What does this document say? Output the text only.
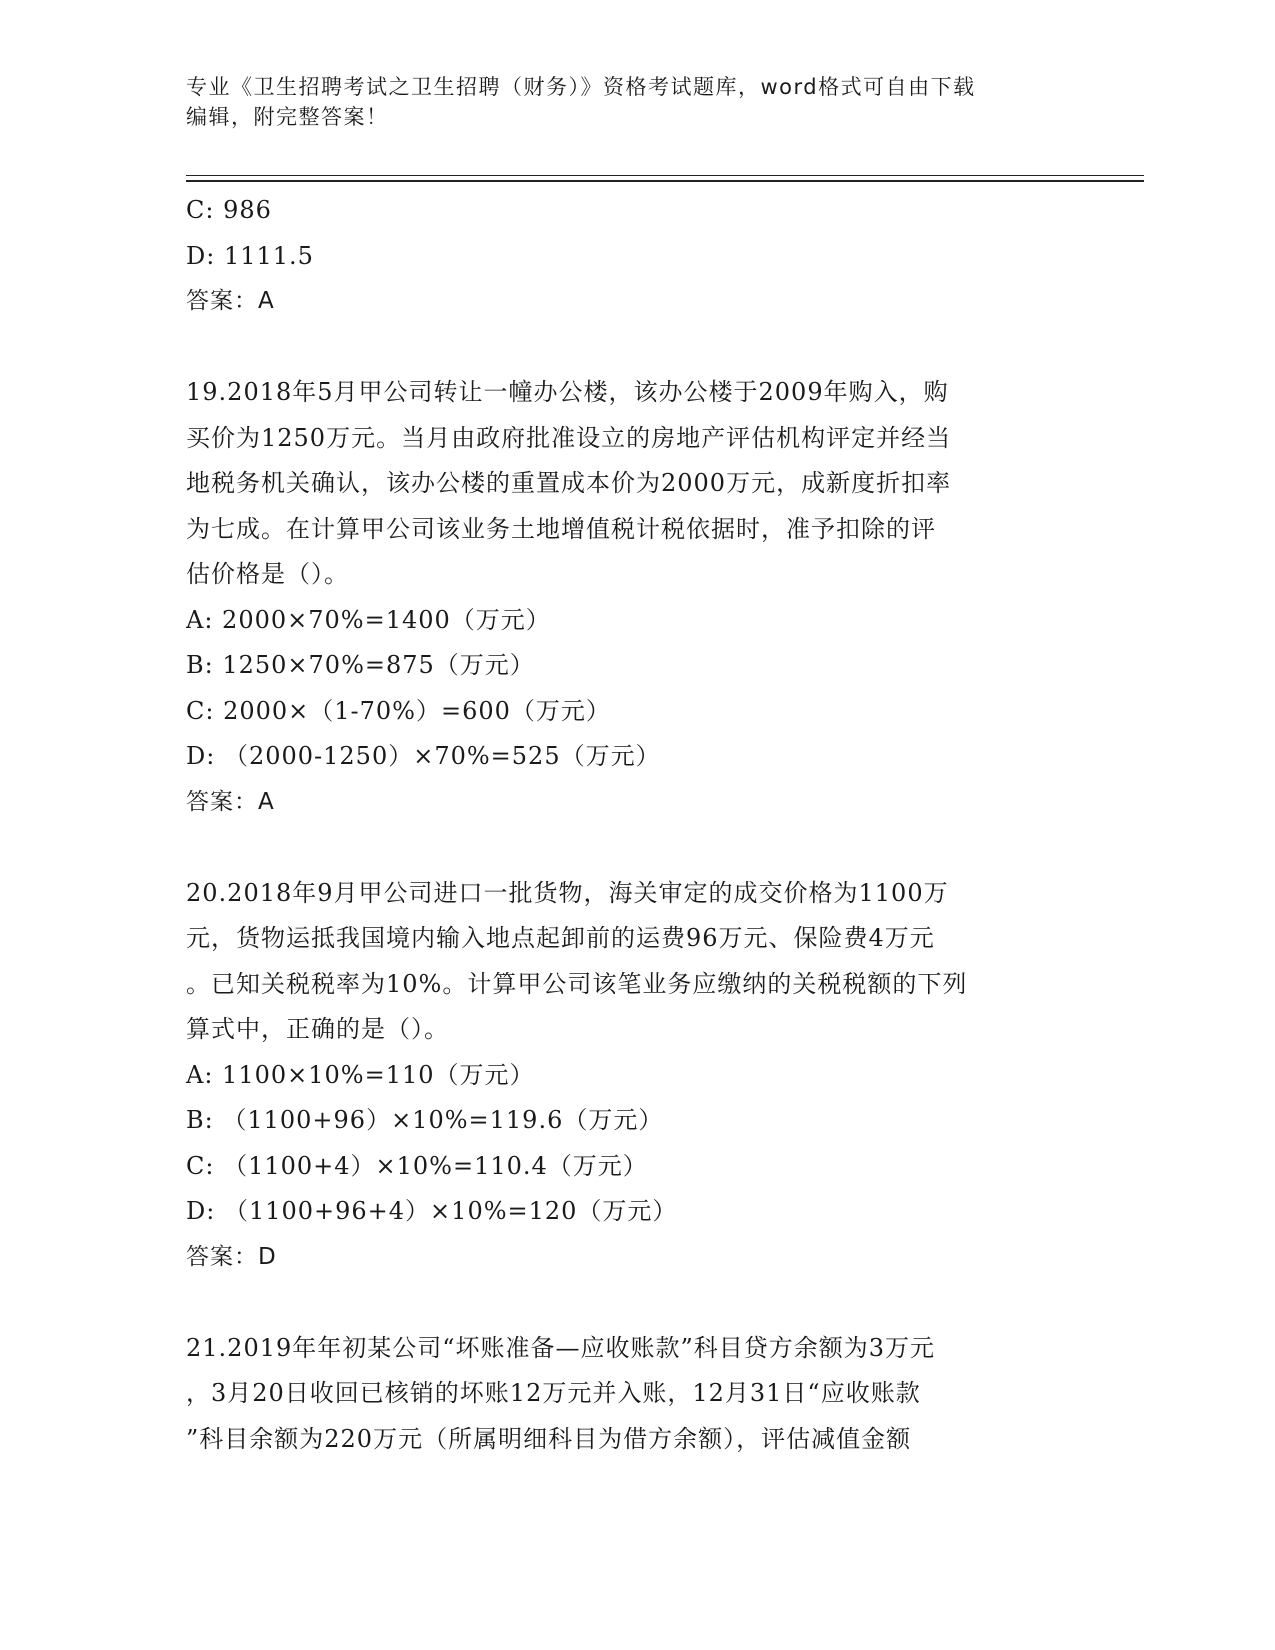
专业《卫生招聘考试之卫生招聘（财务）》资格考试题库，word格式可自由下载
编辑，附完整答案！
C: 986
D: 1111.5
答案：A
19.2018年5月甲公司转让一幢办公楼，该办公楼于2009年购入，购
买价为1250万元。当月由政府批准设立的房地产评估机构评定并经当
地税务机关确认，该办公楼的重置成本价为2000万元，成新度折扣率
为七成。在计算甲公司该业务土地增值税计税依据时，准予扣除的评
估价格是（）。
A: 2000×70%=1400（万元）
B: 1250×70%=875（万元）
C: 2000×（1-70%）=600（万元）
D: （2000-1250）×70%=525（万元）
答案：A
20.2018年9月甲公司进口一批货物，海关审定的成交价格为1100万
元，货物运抵我国境内输入地点起卸前的运费96万元、保险费4万元
。已知关税税率为10%。计算甲公司该笔业务应缴纳的关税税额的下列
算式中，正确的是（）。
A: 1100×10%=110（万元）
B: （1100+96）×10%=119.6（万元）
C: （1100+4）×10%=110.4（万元）
D: （1100+96+4）×10%=120（万元）
答案：D
21.2019年年初某公司“坏账准备—应收账款”科目贷方余额为3万元
，3月20日收回已核销的坏账12万元并入账，12月31日“应收账款
”科目余额为220万元（所属明细科目为借方余额），评估减值金额
